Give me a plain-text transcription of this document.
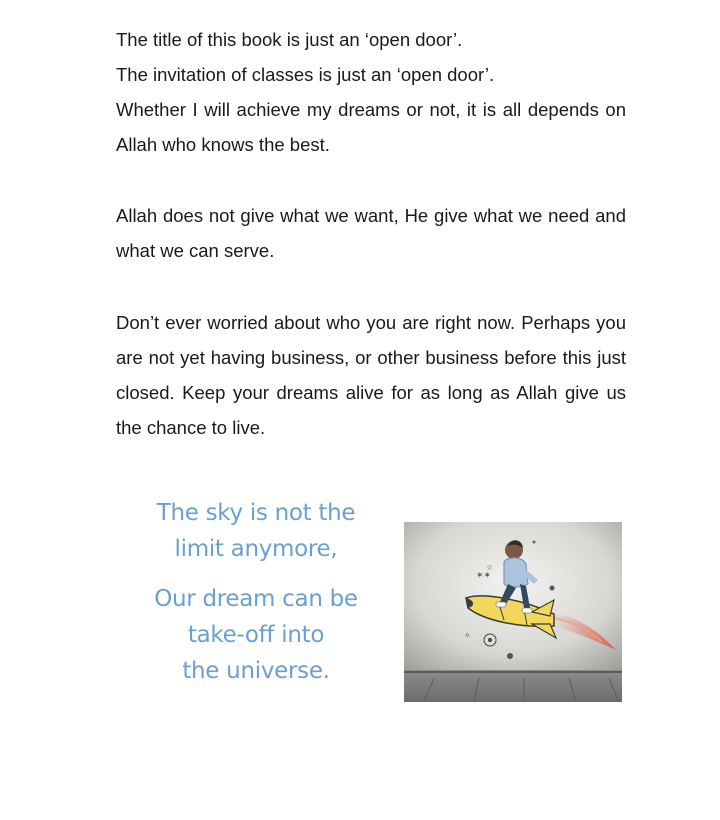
The title of this book is just an ‘open door’.

The invitation of classes is just an ‘open door’.

Whether I will achieve my dreams or not, it is all depends on Allah who knows the best.

Allah does not give what we want, He give what we need and what we can serve.
Don’t ever worried about who you are right now. Perhaps you are not yet having business, or other business before this just closed. Keep your dreams alive for as long as Allah give us the chance to live.

The sky is not the

limit anymore,

Our dream can be

take-off into

the universe.

✶✶
☆
✧
